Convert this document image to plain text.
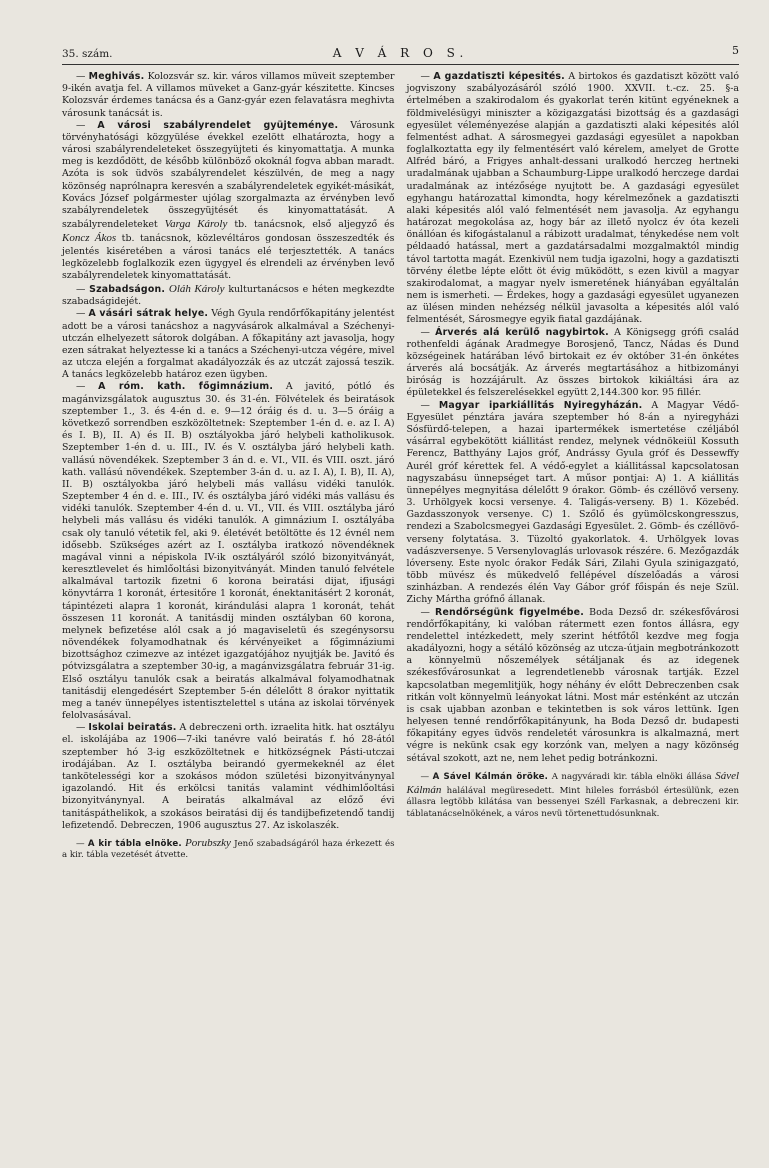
35. szám.	A V Á R O S.	5

— Meghivás. Kolozsvár sz. kir. város villamos müveit szeptember 9-ikén avatja fel. A villamos müveket a Ganz-gyár készitette. Kincses Kolozsvár érdemes tanácsa és a Ganz-gyár ezen felavatásra meghivta városunk tanácsát is.

— A városi szabályrendelet gyüjteménye. Városunk törvényhatósági közgyülése évekkel ezelött elhatározta, hogy a városi szabályrendeleteket összegyüjteti és kinyomattatja. A munka meg is kezdődött, de később különböző okoknál fogva abban maradt. Azóta is sok üdvös szabályrendelet készülvén, de meg a nagy közönség naprólnapra keresvén a szabályrendeletek egyikét-másikát, Kovács József polgármester ujólag szorgalmazta az érvényben levő szabályrendeletek összegyüjtését és kinyomattatását. A szabályrendeleteket Varga Károly tb. tanácsnok, első aljegyző és Koncz Ákos tb. tanácsnok, közlevéltáros gondosan összeszedték és jelentés kiséretében a városi tanács elé terjesztették. A tanács legközelebb foglalkozik ezen ügygyel és elrendeli az érvényben levő szabályrendeletek kinyomattatását.

— Szabadságon. Oláh Károly kulturtanácsos e héten megkezdte szabadságidejét.

— A vásári sátrak helye. Végh Gyula rendőrfőkapitány jelentést adott be a városi tanácshoz a nagyvásárok alkalmával a Széchenyi-utczán elhelyezett sátorok dolgában. A főkapitány azt javasolja, hogy ezen sátrakat helyeztesse ki a tanács a Széchenyi-utcza végére, mivel az utcza elején a forgalmat akadályozzák és az utczát zajossá teszik. A tanács legközelebb határoz ezen ügyben.

— A róm. kath. főgimnázium. A javitó, pótló és magánvizsgálatok augusztus 30. és 31-én. Fölvételek és beiratások szeptember 1., 3. és 4-én d. e. 9—12 óráig és d. u. 3—5 óráig a következő sorrendben eszközöltetnek: Szeptember 1-én d. e. az I. A) és I. B), II. A) és II. B) osztályokba járó helybeli katholikusok. Szeptember 1-én d. u. III., IV. és V. osztályba járó helybeli kath. vallású növendékek. Szeptember 3 án d. e. VI., VII. és VIII. oszt. járó kath. vallású növendékek. Szeptember 3-án d. u. az I. A), I. B), II. A), II. B) osztályokba járó helybeli más vallásu vidéki tanulók. Szeptember 4 én d. e. III., IV. és osztályba járó vidéki más vallásu és vidéki tanulók. Szeptember 4-én d. u. VI., VII. és VIII. osztályba járó helybeli más vallásu és vidéki tanulók. A gimnázium I. osztályába csak oly tanuló vétetik fel, aki 9. életévét betöltötte és 12 évnél nem idősebb. Szükséges azért az I. osztályba iratkozó növendéknek magával vinni a népiskola IV-ik osztályáról szóló bizonyitványát, keresztlevelet és himlőoltási bizonyitványát. Minden tanuló felvétele alkalmával tartozik fizetni 6 korona beiratási dijat, ifjusági könyvtárra 1 koronát, értesitőre 1 koronát, énektanitásért 2 koronát, tápintézeti alapra 1 koronát, kirándulási alapra 1 koronát, tehát összesen 11 koronát. A tanitásdij minden osztályban 60 korona, melynek befizetése alól csak a jó magaviseletü és szegénysorsu növendékek folyamodhatnak és kérvényeiket a főgimnáziumi bizottsághoz czimezve az intézet igazgatójához nyujtják be. Javitó és pótvizsgálatra a szeptember 30-ig, a magánvizsgálatra február 31-ig. Első osztályu tanulók csak a beiratás alkalmával folyamodhatnak tanitásdij elengedésért Szeptember 5-én délelőtt 8 órakor nyittatik meg a tanév ünnepélyes istentisztelettel s utána az iskolai törvények felolvasásával.

— Iskolai beiratás. A debreczeni orth. izraelita hitk. hat osztályu el. iskolájába az 1906—7-iki tanévre való beiratás f. hó 28-ától szeptember hó 3-ig eszközöltetnek e hitközségnek Pásti-utczai irodájában. Az I. osztályba beirandó gyermekeknél az élet tankötelességi kor a szokásos módon születési bizonyitványnyal igazolandó. Hit és erkölcsi tanitás valamint védhimlőoltási bizonyitványnyal. A beiratás alkalmával az előző évi tanitáspáthelikok, a szokásos beiratási dij és tandijbefizetendő tandij lefizetendő. Debreczen, 1906 augusztus 27. Az iskolaszék.

— A kir tábla elnöke. Porubszky Jenő szabadságáról haza érkezett és a kir. tábla vezetését átvette.

— A gazdatiszti képesités. A birtokos és gazdatiszt között való jogviszony szabályozásáról szóló 1900. XXVII. t.-cz. 25. §-a értelmében a szakirodalom és gyakorlat terén kitünt egyéneknek a földmivelésügyi miniszter a közigazgatási bizottság és a gazdasági egyesület véleményezése alapján a gazdatiszti alaki képesités alól felmentést adhat. A sárosmegyei gazdasági egyesület a napokban foglalkoztatta egy ily felmentésért való kérelem, amelyet de Grotte Alfréd báró, a Frigyes anhalt-dessani uralkodó herczeg hertneki uradalmának ujabban a Schaumburg-Lippe uralkodó herczege dardai uradalmának az intézősége nyujtott be. A gazdasági egyesület egyhangu határozattal kimondta, hogy kérelmezőnek a gazdatiszti alaki képesités alól való felmentését nem javasolja. Az egyhangu határozat megokolása az, hogy bár az illető nyolcz év óta kezeli önállóan és kifogástalanul a rábizott uradalmat, ténykedése nem volt példaadó hatással, mert a gazdatársadalmi mozgalmaktól mindig távol tartotta magát. Ezenkivül nem tudja igazolni, hogy a gazdatiszti törvény életbe lépte előtt öt évig müködött, s ezen kivül a magyar szakirodalomat, a magyar nyelv ismeretének hiányában egyáltalán nem is ismerheti. — Érdekes, hogy a gazdasági egyesület ugyanezen az ülésen minden nehézség nélkül javasolta a képesités alól való felmentését, Sárosmegye egyik fiatal gazdájának.

— Árverés alá kerülő nagybirtok. A Königsegg grófi család rothenfeldi ágának Aradmegye Borosjenő, Tancz, Nádas és Dund községeinek határában lévő birtokait ez év október 31-én önkétes árverés alá bocsátják. Az árverés megtartásához a hitbizományi biróság is hozzájárult. Az összes birtokok kikiáltási ára az épületekkel és felszerelésekkel együtt 2,144.300 kor. 95 fillér.

— Magyar iparkiállitás Nyiregyházán. A Magyar Védő-Egyesület pénztára javára szeptember hó 8-án a nyiregyházi Sósfürdő-telepen, a hazai ipartermékek ismertetése czéljából vásárral egybekötött kiállitást rendez, melynek védnökeiül Kossuth Ferencz, Batthyány Lajos gróf, Andrássy Gyula gróf és Dessewffy Aurél gróf kérettek fel. A védő-egylet a kiállitással kapcsolatosan nagyszabásu ünnepséget tart. A műsor pontjai: A) 1. A kiállitás ünnepélyes megnyitása délelőtt 9 órakor. Gömb- és czéllövő verseny. 3. Urhölgyek kocsi versenye. 4. Taligás-verseny. B) 1. Közebéd. Gazdasszonyok versenye. C) 1. Szőlő és gyümölcskongresszus, rendezi a Szabolcsmegyei Gazdasági Egyesület. 2. Gömb- és czéllövő-verseny folytatása. 3. Tüzoltó gyakorlatok. 4. Urhölgyek lovas vadászversenye. 5 Versenylovaglás urlovasok részére. 6. Mezőgazdák lóverseny. Este nyolc órakor Fedák Sári, Zilahi Gyula szinigazgató, több müvész és mükedvelő fellépével díszelőadás a városi szinházban. A rendezés élén Vay Gábor gróf főispán és neje Szül. Zichy Mártha grófnő állanak.

— Rendőrségünk figyelmébe. Boda Dezső dr. székesfővárosi rendőrfőkapitány, ki valóban rátermett ezen fontos állásra, egy rendelettel intézkedett, mely szerint hétfőtől kezdve meg fogja akadályozni, hogy a sétáló közönség az utcza-útjain megbotránkozott a könnyelmü nőszemélyek sétáljanak és az idegenek székesfővárosunkat a legrendetlenebb városnak tartják. Ezzel kapcsolatban megemlitjük, hogy néhány év előtt Debreczenben csak ritkán volt könnyelmü leányokat látni. Most már esténként az utczán is csak ujabban azonban e tekintetben is sok város lettünk. Igen helyesen tenné rendőrfőkapitányunk, ha Boda Dezső dr. budapesti főkapitány egyes üdvös rendeletét városunkra is alkalmazná, mert végre is nekünk csak egy korzónk van, melyen a nagy közönség sétával szokott, azt ne, nem lehet pedig botránkozni.

— A Sável Kálmán öröke. A nagyváradi kir. tábla elnöki állása Sável Kálmán halálával megüresedett. Mint hileles forrásból értesülünk, ezen állasra legtöbb kilátása van bessenyei Széll Farkasnak, a debreczeni kir. táblatanácselnökének, a város nevü törtenettudósunknak.
